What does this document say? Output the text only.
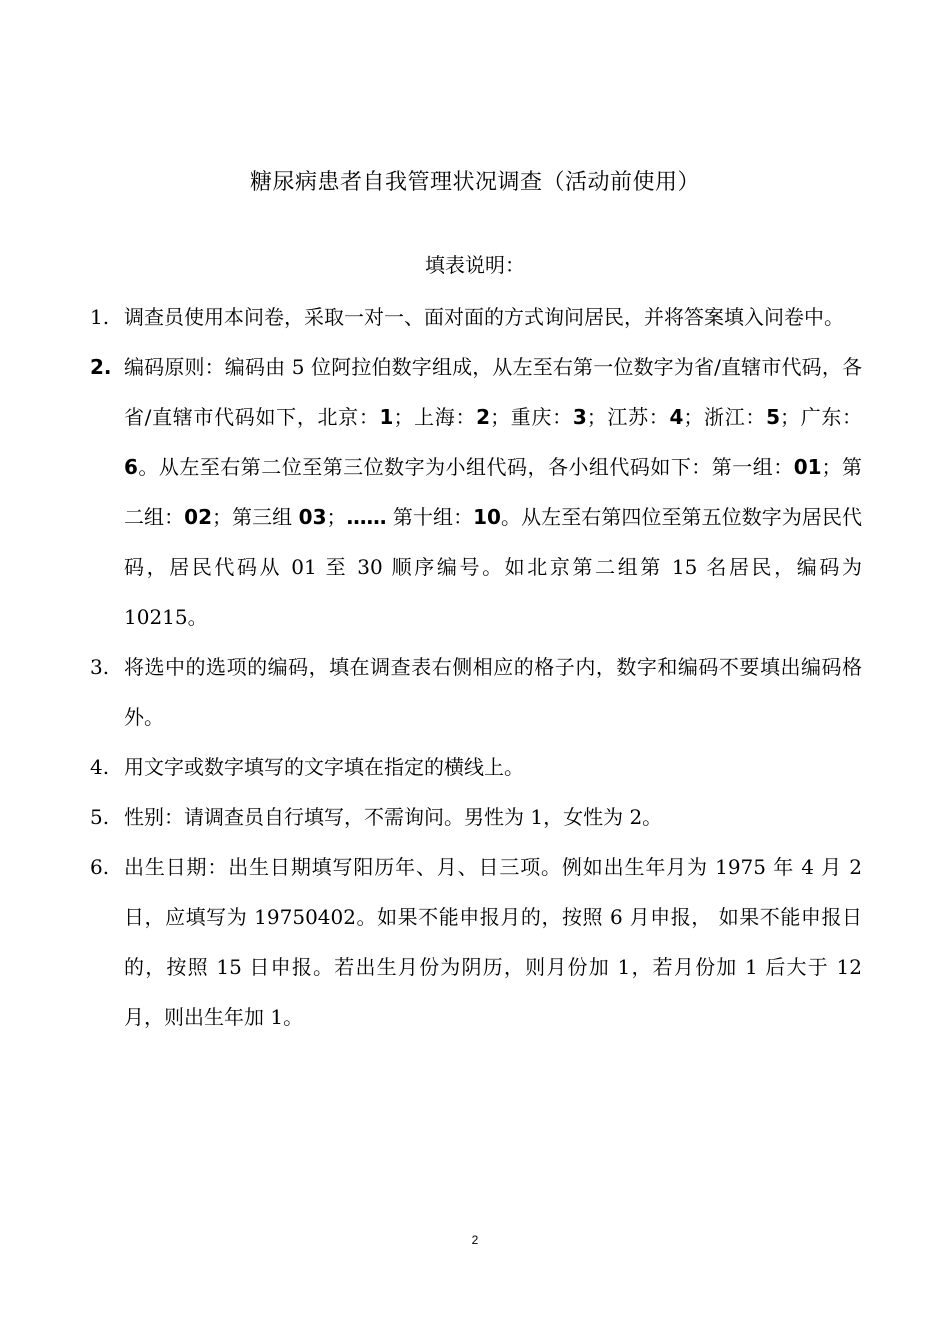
糖尿病患者自我管理状况调查（活动前使用）
填表说明：
1. 调查员使用本问卷，采取一对一、面对面的方式询问居民，并将答案填入问卷中。
2. 编码原则：编码由 5 位阿拉伯数字组成，从左至右第一位数字为省/直辖市代码，各省/直辖市代码如下，北京：1；上海：2；重庆：3；江苏：4；浙江：5；广东：6。从左至右第二位至第三位数字为小组代码，各小组代码如下：第一组：01；第二组：02；第三组 03；…… 第十组：10。从左至右第四位至第五位数字为居民代码，居民代码从 01 至 30 顺序编号。如北京第二组第 15 名居民，编码为 10215。
3. 将选中的选项的编码，填在调查表右侧相应的格子内，数字和编码不要填出编码格外。
4. 用文字或数字填写的文字填在指定的横线上。
5. 性别：请调查员自行填写，不需询问。男性为 1，女性为 2。
6. 出生日期：出生日期填写阳历年、月、日三项。例如出生年月为 1975 年 4 月 2 日，应填写为 19750402。如果不能申报月的，按照 6 月申报， 如果不能申报日的，按照 15 日申报。若出生月份为阴历，则月份加 1，若月份加 1 后大于 12 月，则出生年加 1。
2
